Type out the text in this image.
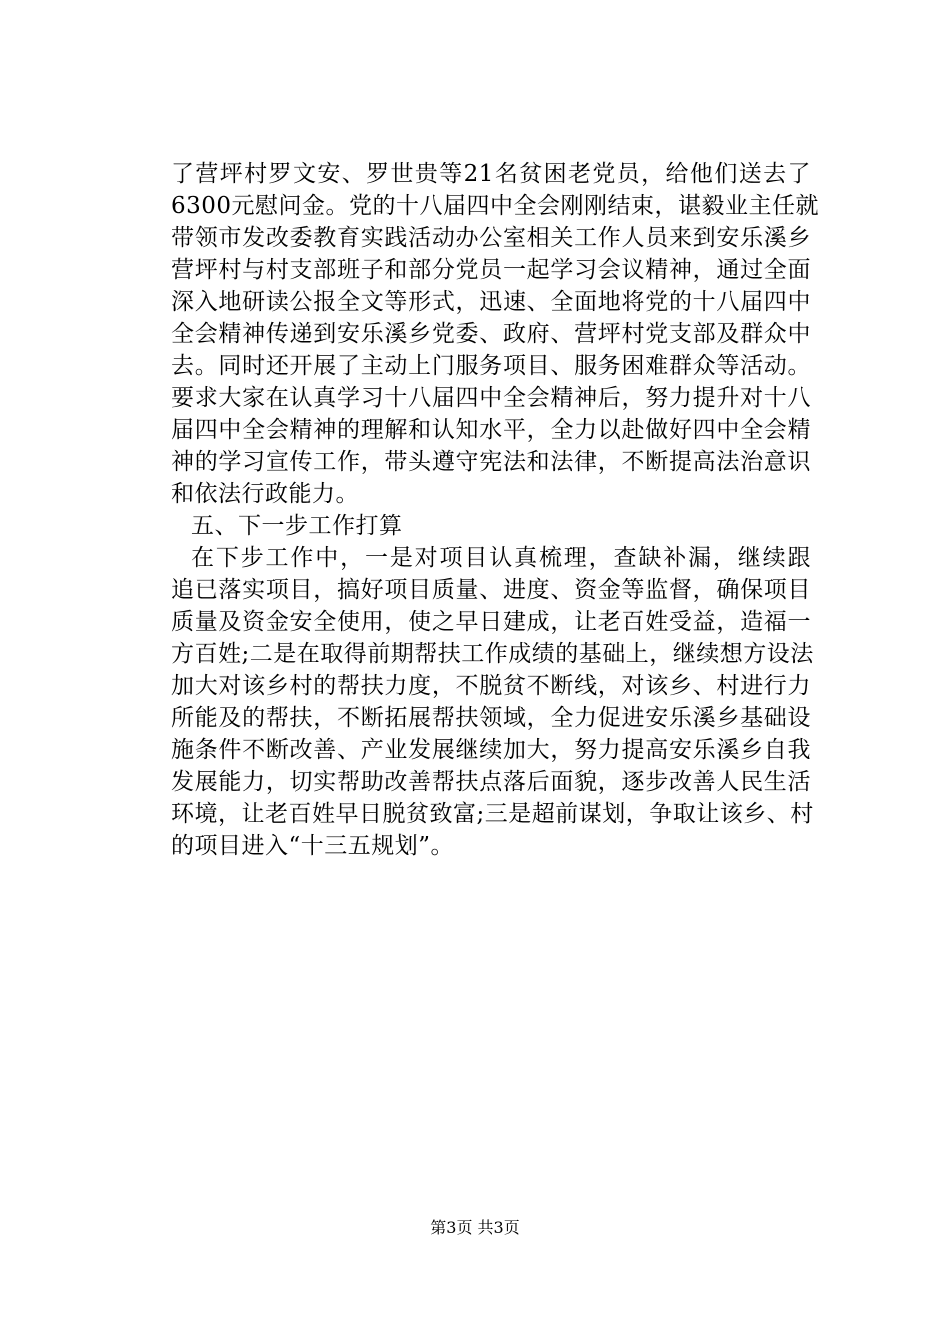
了营坪村罗文安、罗世贵等21名贫困老党员，给他们送去了
6300元慰问金。党的十八届四中全会刚刚结束，谌毅业主任就
带领市发改委教育实践活动办公室相关工作人员来到安乐溪乡
营坪村与村支部班子和部分党员一起学习会议精神，通过全面
深入地研读公报全文等形式，迅速、全面地将党的十八届四中
全会精神传递到安乐溪乡党委、政府、营坪村党支部及群众中
去。同时还开展了主动上门服务项目、服务困难群众等活动。
要求大家在认真学习十八届四中全会精神后，努力提升对十八
届四中全会精神的理解和认知水平，全力以赴做好四中全会精
神的学习宣传工作，带头遵守宪法和法律，不断提高法治意识
和依法行政能力。
五、下一步工作打算
在下步工作中，一是对项目认真梳理，查缺补漏，继续跟
追已落实项目，搞好项目质量、进度、资金等监督，确保项目
质量及资金安全使用，使之早日建成，让老百姓受益，造福一
方百姓;二是在取得前期帮扶工作成绩的基础上，继续想方设法
加大对该乡村的帮扶力度，不脱贫不断线，对该乡、村进行力
所能及的帮扶，不断拓展帮扶领域，全力促进安乐溪乡基础设
施条件不断改善、产业发展继续加大，努力提高安乐溪乡自我
发展能力，切实帮助改善帮扶点落后面貌，逐步改善人民生活
环境，让老百姓早日脱贫致富;三是超前谋划，争取让该乡、村
的项目进入“十三五规划”。
第3页 共3页
